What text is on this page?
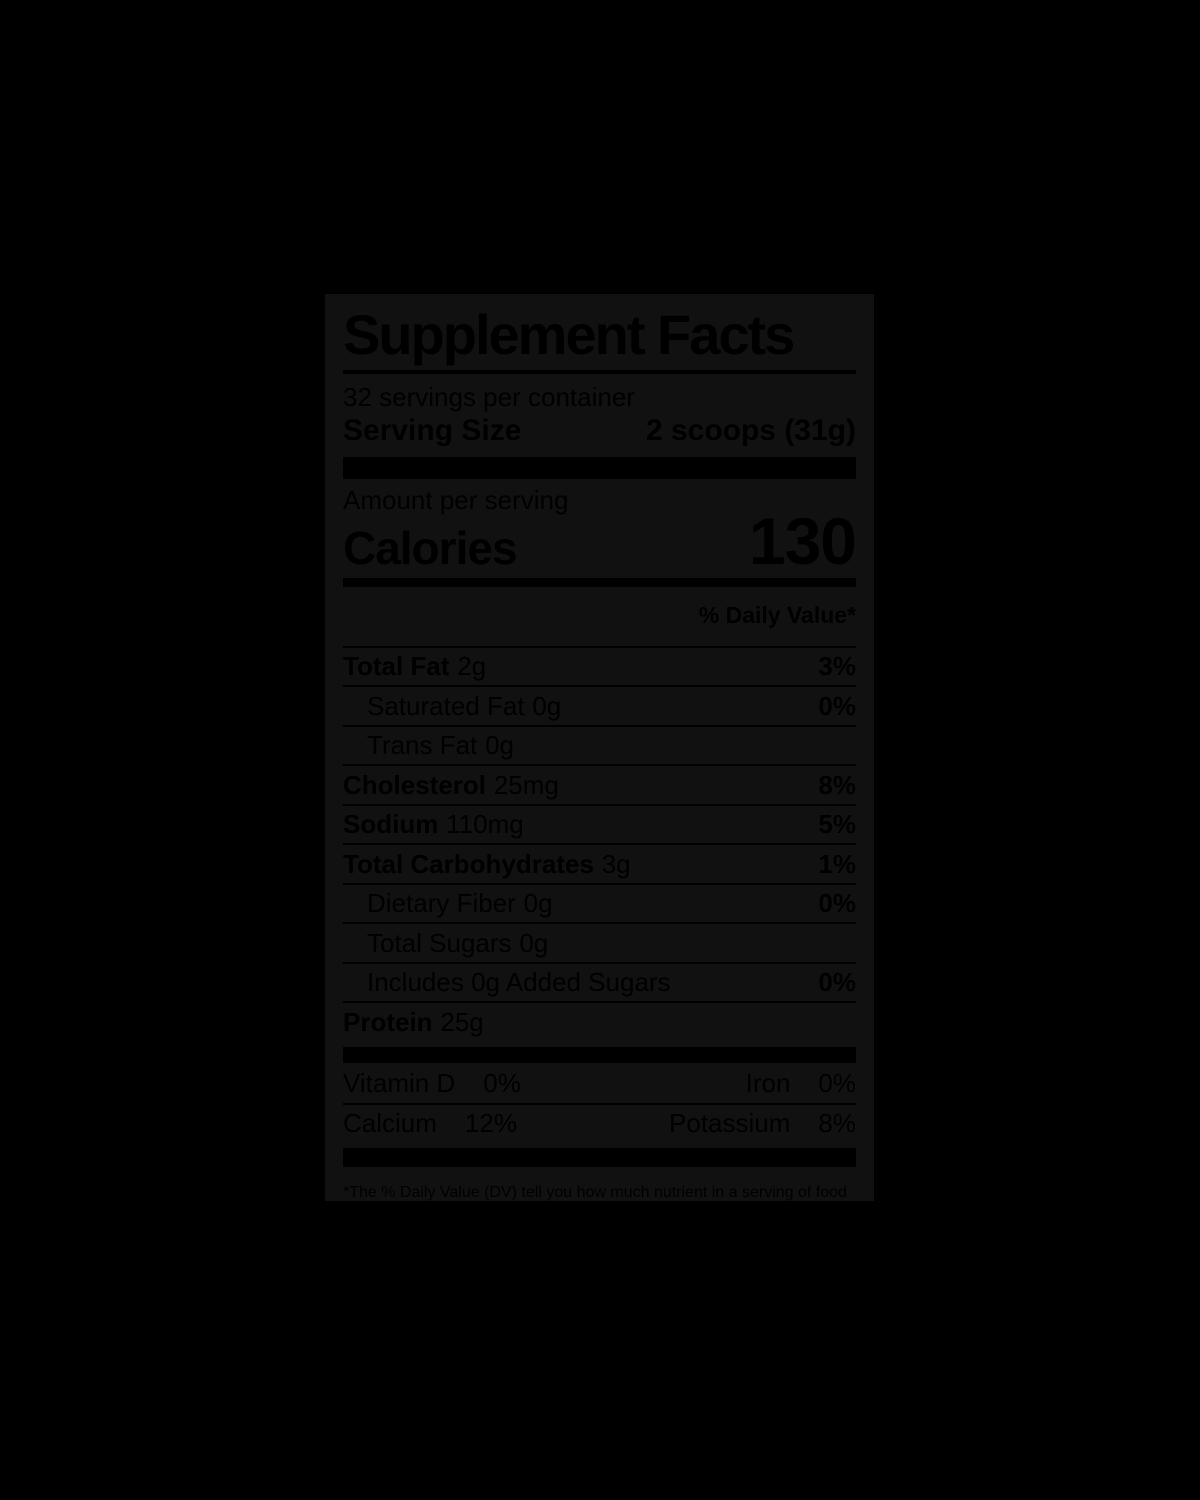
Supplement Facts
32 servings per container
Serving Size	2 scoops (31g)
Amount per serving
Calories	130
% Daily Value*
Total Fat 2g	3%
Saturated Fat 0g	0%
Trans Fat 0g
Cholesterol 25mg	8%
Sodium 110mg	5%
Total Carbohydrates 3g	1%
Dietary Fiber 0g	0%
Total Sugars 0g
Includes 0g Added Sugars	0%
Protein 25g
Vitamin D 0%	Iron 0%
Calcium 12%	Potassium 8%
*The % Daily Value (DV) tell you how much nutrient in a serving of food
contributes to a daily diet. 2,000 calories a day is used for general nutrition advice.
